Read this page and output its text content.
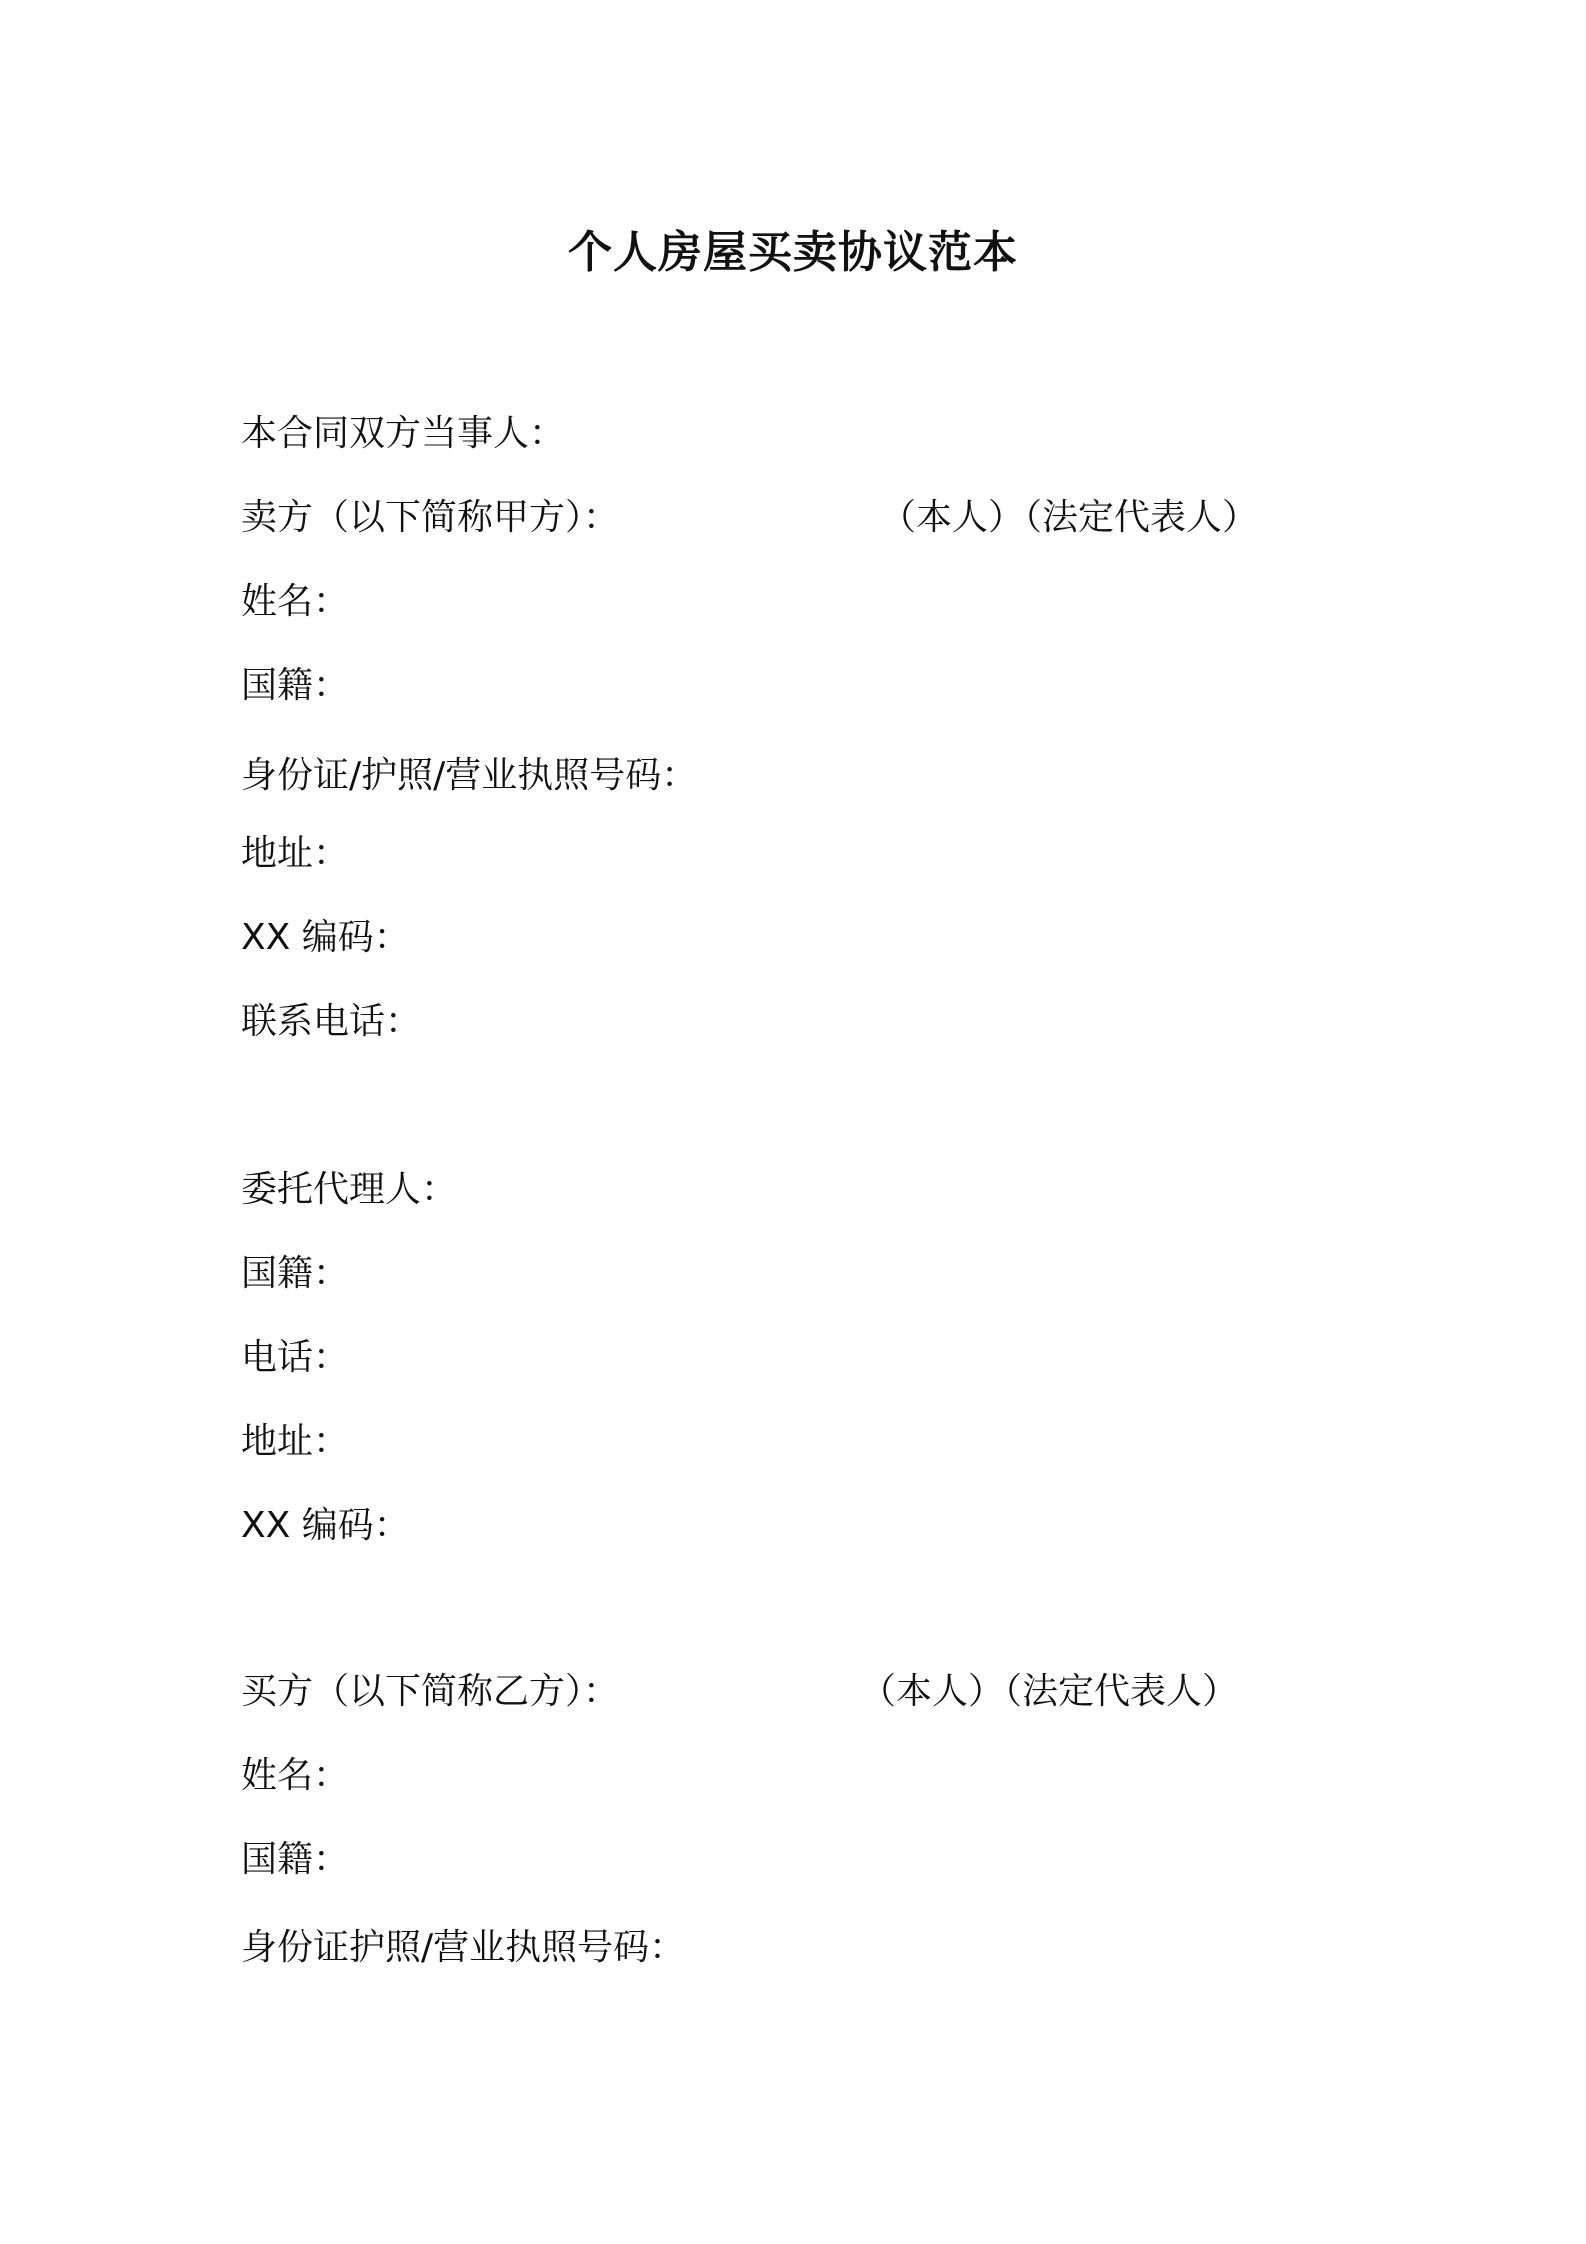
个人房屋买卖协议范本
本合同双方当事人：
卖方（以下简称甲方）：	（本人）（法定代表人）
姓名：
国籍：
身份证/护照/营业执照号码：
地址：
XX 编码：
联系电话：
委托代理人：
国籍：
电话：
地址：
XX 编码：
买方（以下简称乙方）：	（本人）（法定代表人）
姓名：
国籍：
身份证护照/营业执照号码：
